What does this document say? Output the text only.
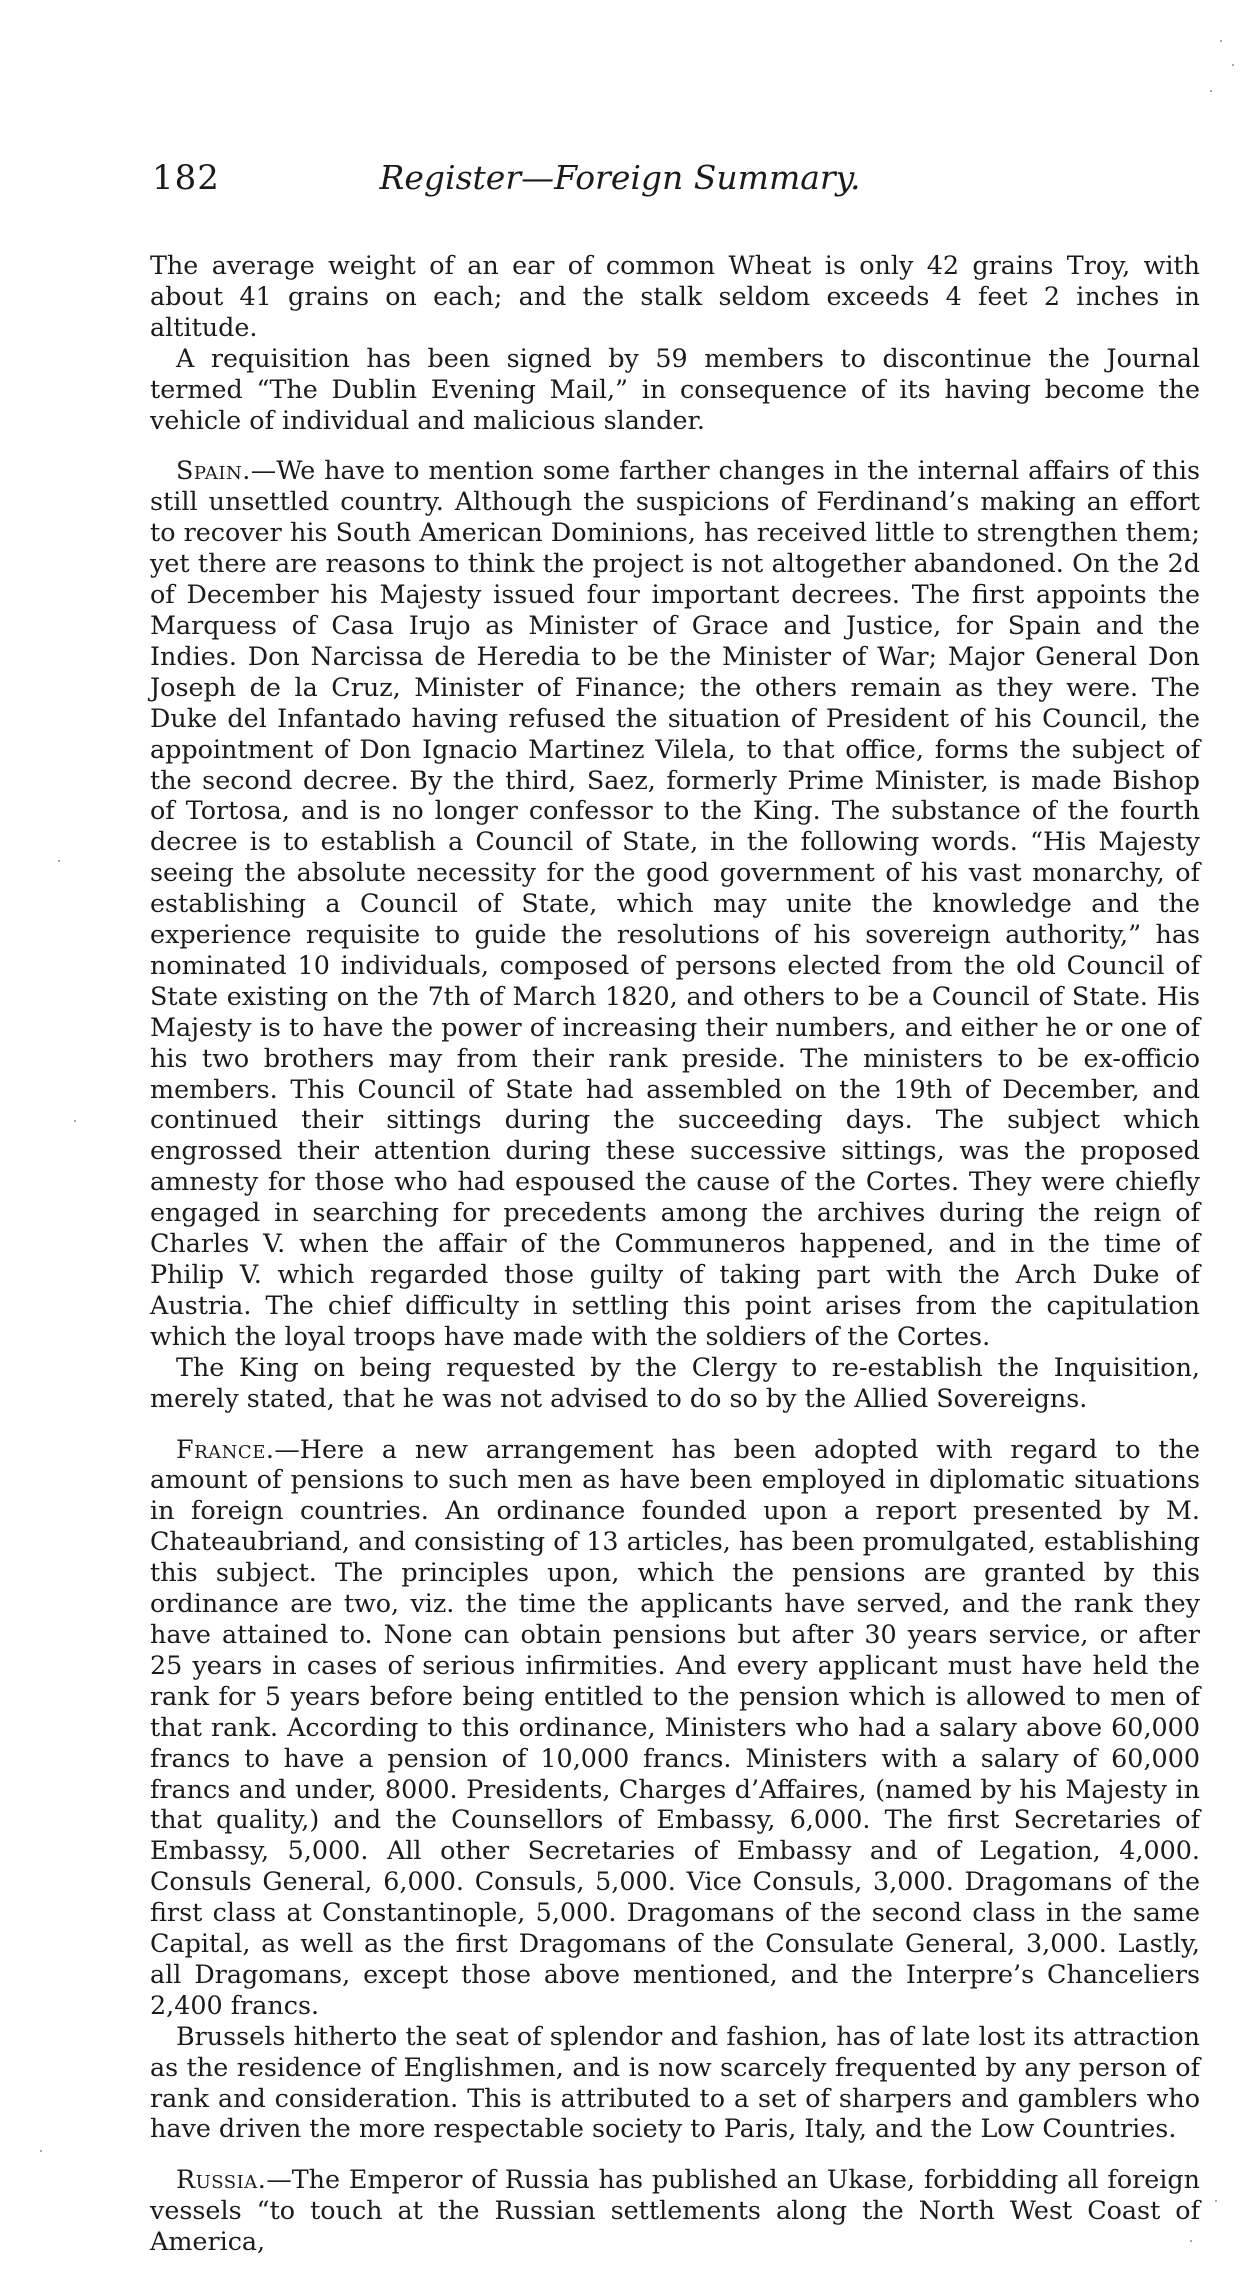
182	Register—Foreign Summary.

The average weight of an ear of common Wheat is only 42 grains Troy, with about 41 grains on each; and the stalk seldom exceeds 4 feet 2 inches in altitude.

A requisition has been signed by 59 members to discontinue the Journal termed “The Dublin Evening Mail,” in consequence of its having become the vehicle of individual and malicious slander.

Spain.—We have to mention some farther changes in the internal affairs of this still unsettled country. Although the suspicions of Ferdinand’s making an effort to recover his South American Dominions, has received little to strengthen them; yet there are reasons to think the project is not altogether abandoned. On the 2d of December his Majesty issued four important decrees. The first appoints the Marquess of Casa Irujo as Minister of Grace and Justice, for Spain and the Indies. Don Narcissa de Heredia to be the Minister of War; Major General Don Joseph de la Cruz, Minister of Finance; the others remain as they were. The Duke del Infantado having refused the situation of President of his Council, the appointment of Don Ignacio Martinez Vilela, to that office, forms the subject of the second decree. By the third, Saez, formerly Prime Minister, is made Bishop of Tortosa, and is no longer confessor to the King. The substance of the fourth decree is to establish a Council of State, in the following words. “His Majesty seeing the absolute necessity for the good government of his vast monarchy, of establishing a Council of State, which may unite the knowledge and the experience requisite to guide the resolutions of his sovereign authority,” has nominated 10 individuals, composed of persons elected from the old Council of State existing on the 7th of March 1820, and others to be a Council of State. His Majesty is to have the power of increasing their numbers, and either he or one of his two brothers may from their rank preside. The ministers to be ex-officio members. This Council of State had assembled on the 19th of December, and continued their sittings during the succeeding days. The subject which engrossed their attention during these successive sittings, was the proposed amnesty for those who had espoused the cause of the Cortes. They were chiefly engaged in searching for precedents among the archives during the reign of Charles V. when the affair of the Communeros happened, and in the time of Philip V. which regarded those guilty of taking part with the Arch Duke of Austria. The chief difficulty in settling this point arises from the capitulation which the loyal troops have made with the soldiers of the Cortes.

The King on being requested by the Clergy to re-establish the Inquisition, merely stated, that he was not advised to do so by the Allied Sovereigns.

France.—Here a new arrangement has been adopted with regard to the amount of pensions to such men as have been employed in diplomatic situations in foreign countries. An ordinance founded upon a report presented by M. Chateaubriand, and consisting of 13 articles, has been promulgated, establishing this subject. The principles upon, which the pensions are granted by this ordinance are two, viz. the time the applicants have served, and the rank they have attained to. None can obtain pensions but after 30 years service, or after 25 years in cases of serious infirmities. And every applicant must have held the rank for 5 years before being entitled to the pension which is allowed to men of that rank. According to this ordinance, Ministers who had a salary above 60,000 francs to have a pension of 10,000 francs. Ministers with a salary of 60,000 francs and under, 8000. Presidents, Charges d’Affaires, (named by his Majesty in that quality,) and the Counsellors of Embassy, 6,000. The first Secretaries of Embassy, 5,000. All other Secretaries of Embassy and of Legation, 4,000. Consuls General, 6,000. Consuls, 5,000. Vice Consuls, 3,000. Dragomans of the first class at Constantinople, 5,000. Dragomans of the second class in the same Capital, as well as the first Dragomans of the Consulate General, 3,000. Lastly, all Dragomans, except those above mentioned, and the Interpre’s Chanceliers 2,400 francs.

Brussels hitherto the seat of splendor and fashion, has of late lost its attraction as the residence of Englishmen, and is now scarcely frequented by any person of rank and consideration. This is attributed to a set of sharpers and gamblers who have driven the more respectable society to Paris, Italy, and the Low Countries.

Russia.—The Emperor of Russia has published an Ukase, forbidding all foreign vessels “to touch at the Russian settlements along the North West Coast of America,
